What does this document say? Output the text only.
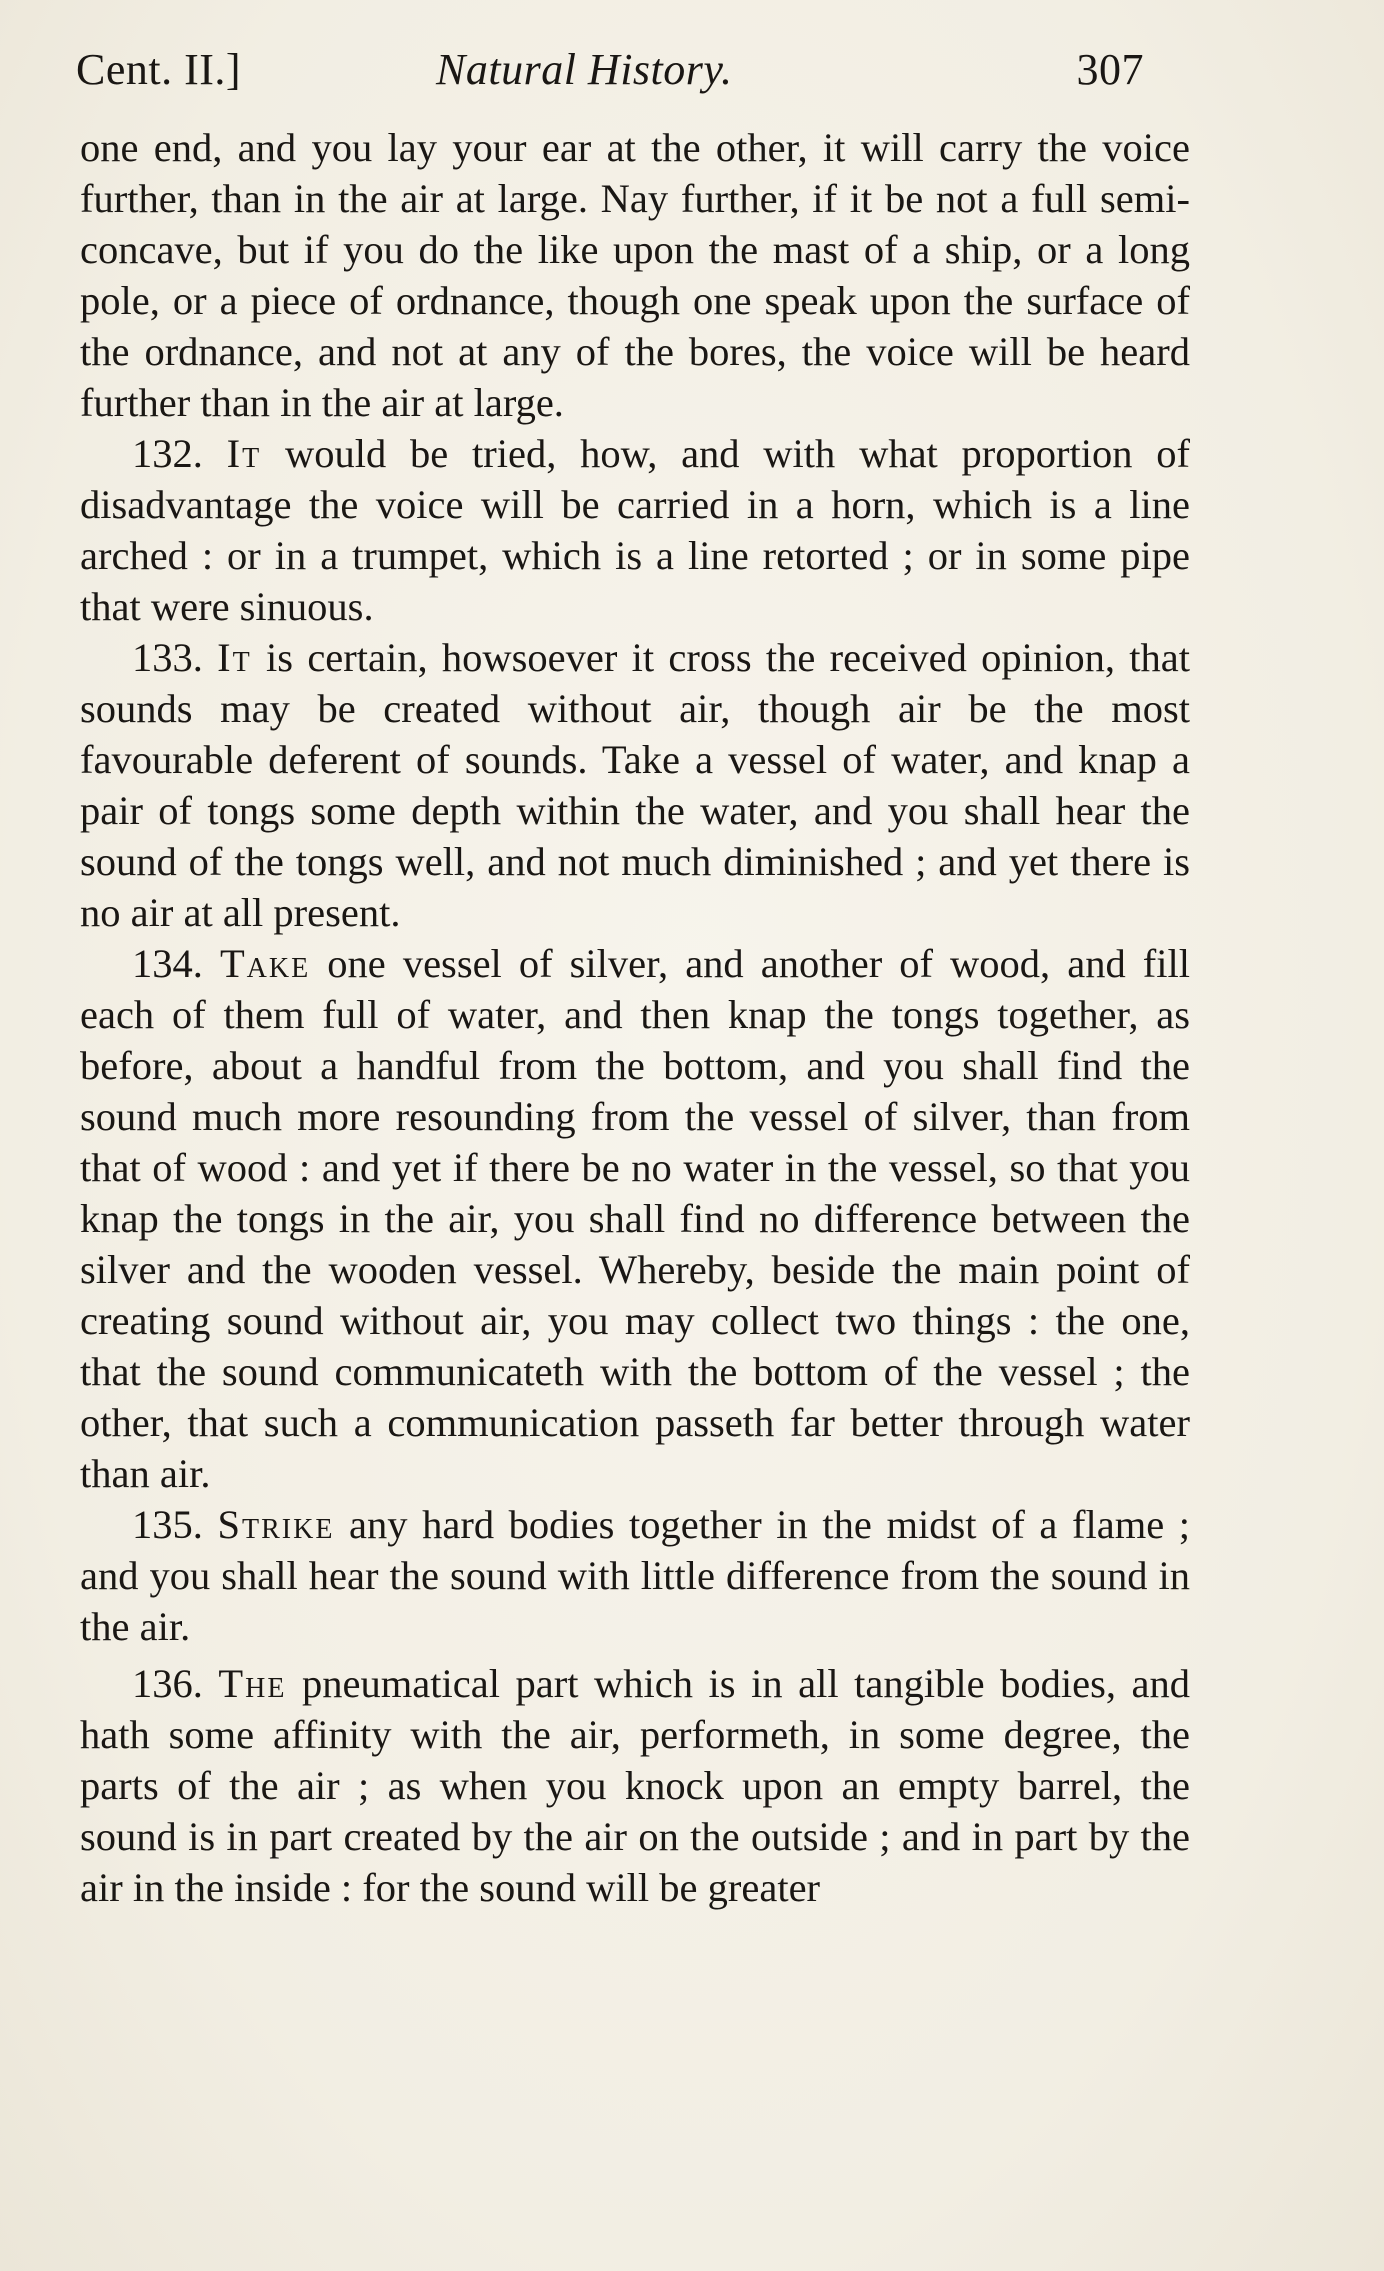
Cent. II.]	Natural History.	307

one end, and you lay your ear at the other, it will carry the voice further, than in the air at large. Nay further, if it be not a full semi-concave, but if you do the like upon the mast of a ship, or a long pole, or a piece of ordnance, though one speak upon the surface of the ordnance, and not at any of the bores, the voice will be heard further than in the air at large.

132. It would be tried, how, and with what proportion of disadvantage the voice will be carried in a horn, which is a line arched : or in a trumpet, which is a line retorted ; or in some pipe that were sinuous.

133. It is certain, howsoever it cross the received opinion, that sounds may be created without air, though air be the most favourable deferent of sounds. Take a vessel of water, and knap a pair of tongs some depth within the water, and you shall hear the sound of the tongs well, and not much diminished ; and yet there is no air at all present.

134. Take one vessel of silver, and another of wood, and fill each of them full of water, and then knap the tongs together, as before, about a handful from the bottom, and you shall find the sound much more resounding from the vessel of silver, than from that of wood : and yet if there be no water in the vessel, so that you knap the tongs in the air, you shall find no difference between the silver and the wooden vessel. Whereby, beside the main point of creating sound without air, you may collect two things : the one, that the sound communicateth with the bottom of the vessel ; the other, that such a communication passeth far better through water than air.

135. Strike any hard bodies together in the midst of a flame ; and you shall hear the sound with little difference from the sound in the air.

136. The pneumatical part which is in all tangible bodies, and hath some affinity with the air, performeth, in some degree, the parts of the air ; as when you knock upon an empty barrel, the sound is in part created by the air on the outside ; and in part by the air in the inside : for the sound will be greater
